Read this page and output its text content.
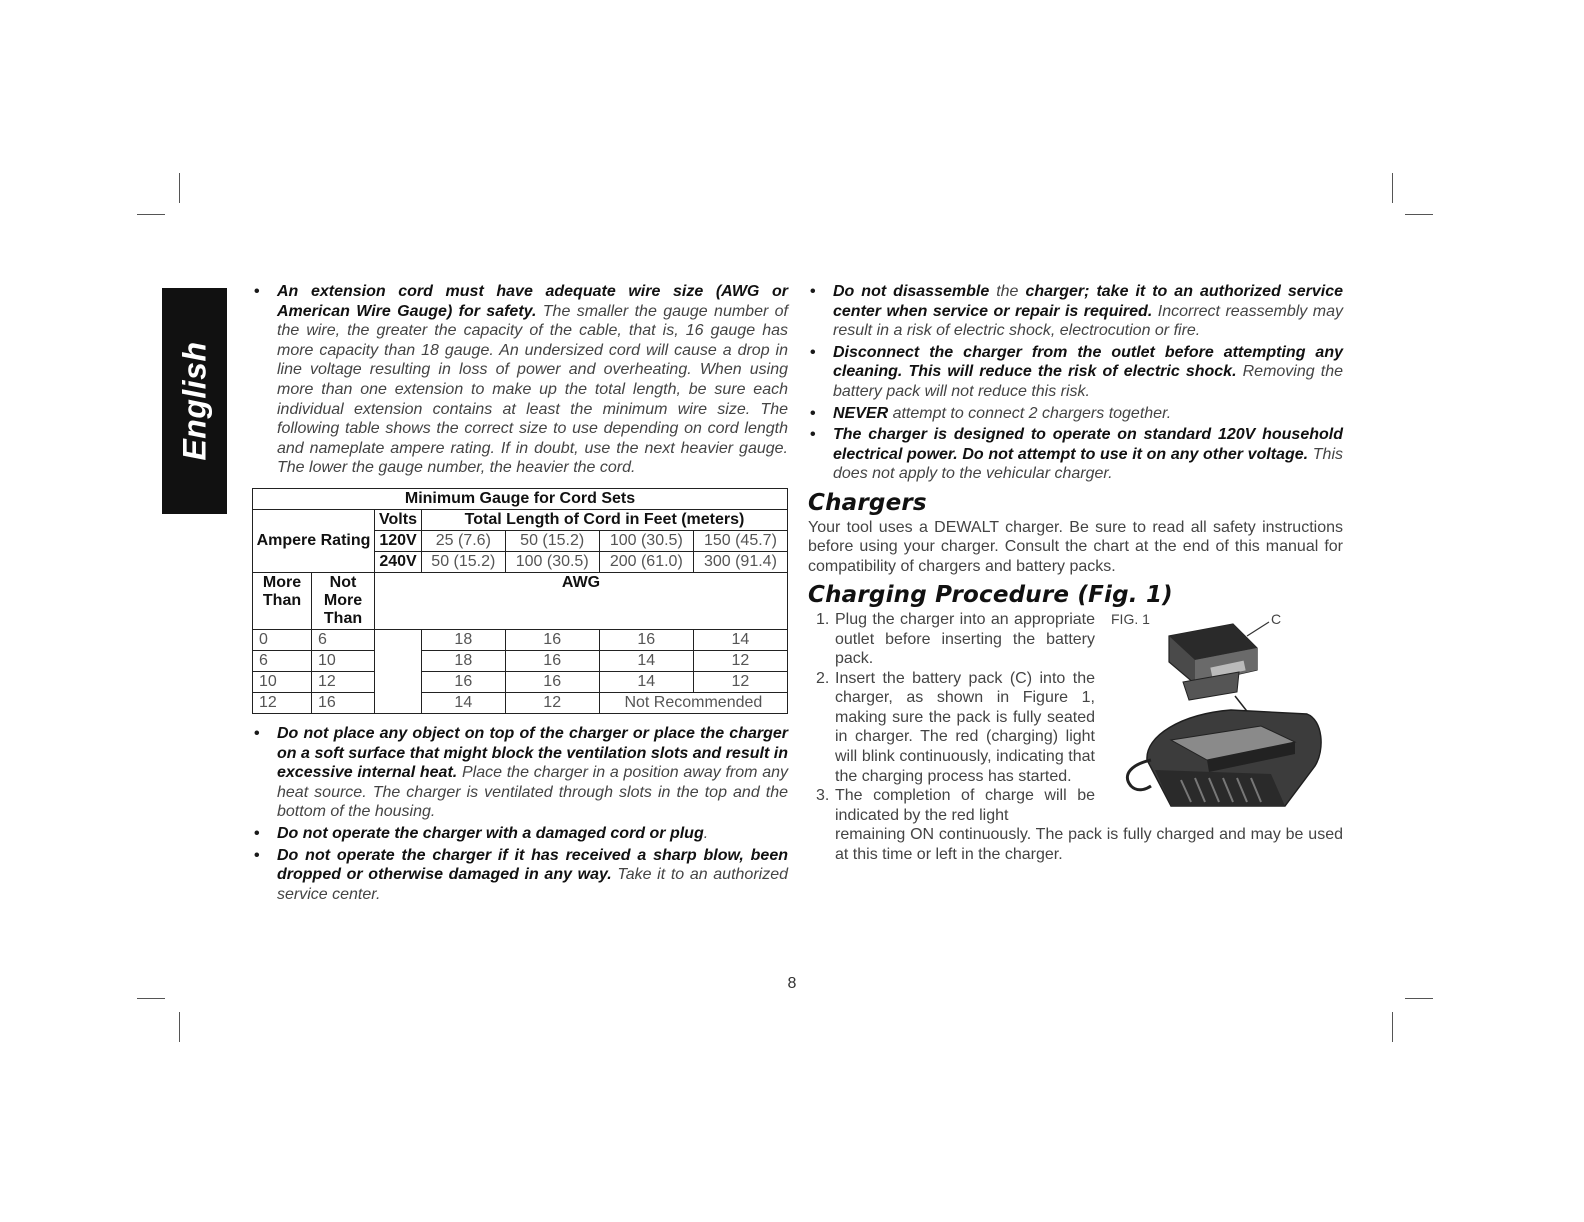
English
• An extension cord must have adequate wire size (AWG or American Wire Gauge) for safety. The smaller the gauge number of the wire, the greater the capacity of the cable, that is, 16 gauge has more capacity than 18 gauge. An undersized cord will cause a drop in line voltage resulting in loss of power and overheating. When using more than one extension to make up the total length, be sure each individual extension contains at least the minimum wire size. The following table shows the correct size to use depending on cord length and nameplate ampere rating. If in doubt, use the next heavier gauge. The lower the gauge number, the heavier the cord.
Minimum Gauge for Cord Sets						
Ampere Rating		Volts	Total Length of Cord in Feet (meters)			
		120V	25 (7.6)	50 (15.2)	100 (30.5)	150 (45.7)
		240V	50 (15.2)	100 (30.5)	200 (61.0)	300 (91.4)
More Than	Not More Than	AWG				
0	6		18	16	16	14
6	10		18	16	14	12
10	12		16	16	14	12
12	16		14	12	Not Recommended	
• Do not place any object on top of the charger or place the charger on a soft surface that might block the ventilation slots and result in excessive internal heat. Place the charger in a position away from any heat source. The charger is ventilated through slots in the top and the bottom of the housing.
• Do not operate the charger with a damaged cord or plug.
• Do not operate the charger if it has received a sharp blow, been dropped or otherwise damaged in any way. Take it to an authorized service center.
• Do not disassemble the charger; take it to an authorized service center when service or repair is required. Incorrect reassembly may result in a risk of electric shock, electrocution or fire.
• Disconnect the charger from the outlet before attempting any cleaning. This will reduce the risk of electric shock. Removing the battery pack will not reduce this risk.
• NEVER attempt to connect 2 chargers together.
• The charger is designed to operate on standard 120V household electrical power. Do not attempt to use it on any other voltage. This does not apply to the vehicular charger.
Chargers

Your tool uses a DEWALT charger. Be sure to read all safety instructions before using your charger. Consult the chart at the end of this manual for compatibility of chargers and battery packs.

Charging Procedure (Fig. 1)
1. Plug the charger into an appropriate outlet before inserting the battery pack.
2. Insert the battery pack (C) into the charger, as shown in Figure 1, making sure the pack is fully seated in charger. The red (charging) light will blink continuously, indicating that the charging process has started.
3. The completion of charge will be indicated by the red light
remaining ON continuously. The pack is fully charged and may be used at this time or left in the charger.
FIG. 1	C
8
